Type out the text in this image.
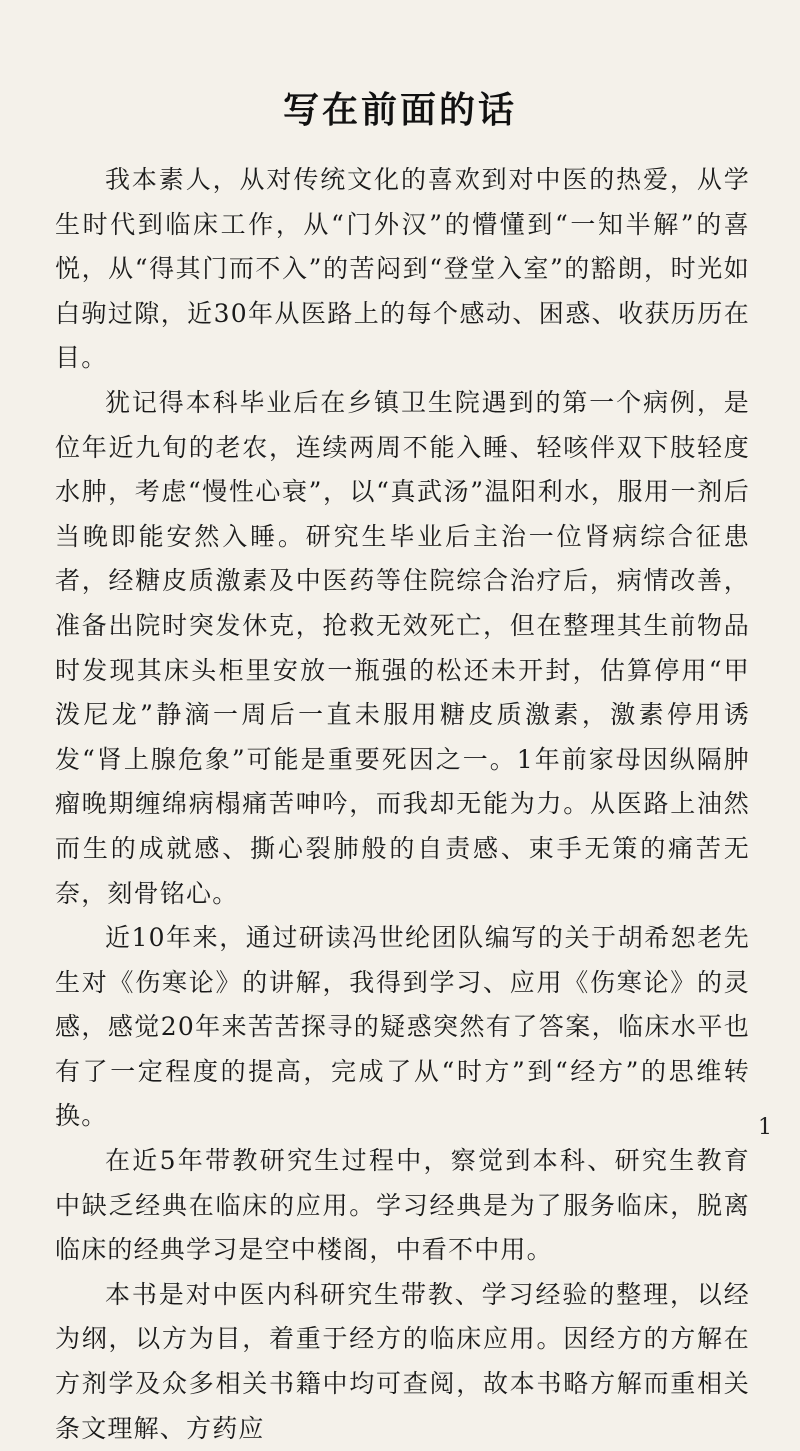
写在前面的话

我本素人，从对传统文化的喜欢到对中医的热爱，从学生时代到临床工作，从“门外汉”的懵懂到“一知半解”的喜悦，从“得其门而不入”的苦闷到“登堂入室”的豁朗，时光如白驹过隙，近30年从医路上的每个感动、困惑、收获历历在目。

犹记得本科毕业后在乡镇卫生院遇到的第一个病例，是位年近九旬的老农，连续两周不能入睡、轻咳伴双下肢轻度水肿，考虑“慢性心衰”，以“真武汤”温阳利水，服用一剂后当晚即能安然入睡。研究生毕业后主治一位肾病综合征患者，经糖皮质激素及中医药等住院综合治疗后，病情改善，准备出院时突发休克，抢救无效死亡，但在整理其生前物品时发现其床头柜里安放一瓶强的松还未开封，估算停用“甲泼尼龙”静滴一周后一直未服用糖皮质激素，激素停用诱发“肾上腺危象”可能是重要死因之一。1年前家母因纵隔肿瘤晚期缠绵病榻痛苦呻吟，而我却无能为力。从医路上油然而生的成就感、撕心裂肺般的自责感、束手无策的痛苦无奈，刻骨铭心。

近10年来，通过研读冯世纶团队编写的关于胡希恕老先生对《伤寒论》的讲解，我得到学习、应用《伤寒论》的灵感，感觉20年来苦苦探寻的疑惑突然有了答案，临床水平也有了一定程度的提高，完成了从“时方”到“经方”的思维转换。

在近5年带教研究生过程中，察觉到本科、研究生教育中缺乏经典在临床的应用。学习经典是为了服务临床，脱离临床的经典学习是空中楼阁，中看不中用。

本书是对中医内科研究生带教、学习经验的整理，以经为纲，以方为目，着重于经方的临床应用。因经方的方解在方剂学及众多相关书籍中均可查阅，故本书略方解而重相关条文理解、方药应

1
